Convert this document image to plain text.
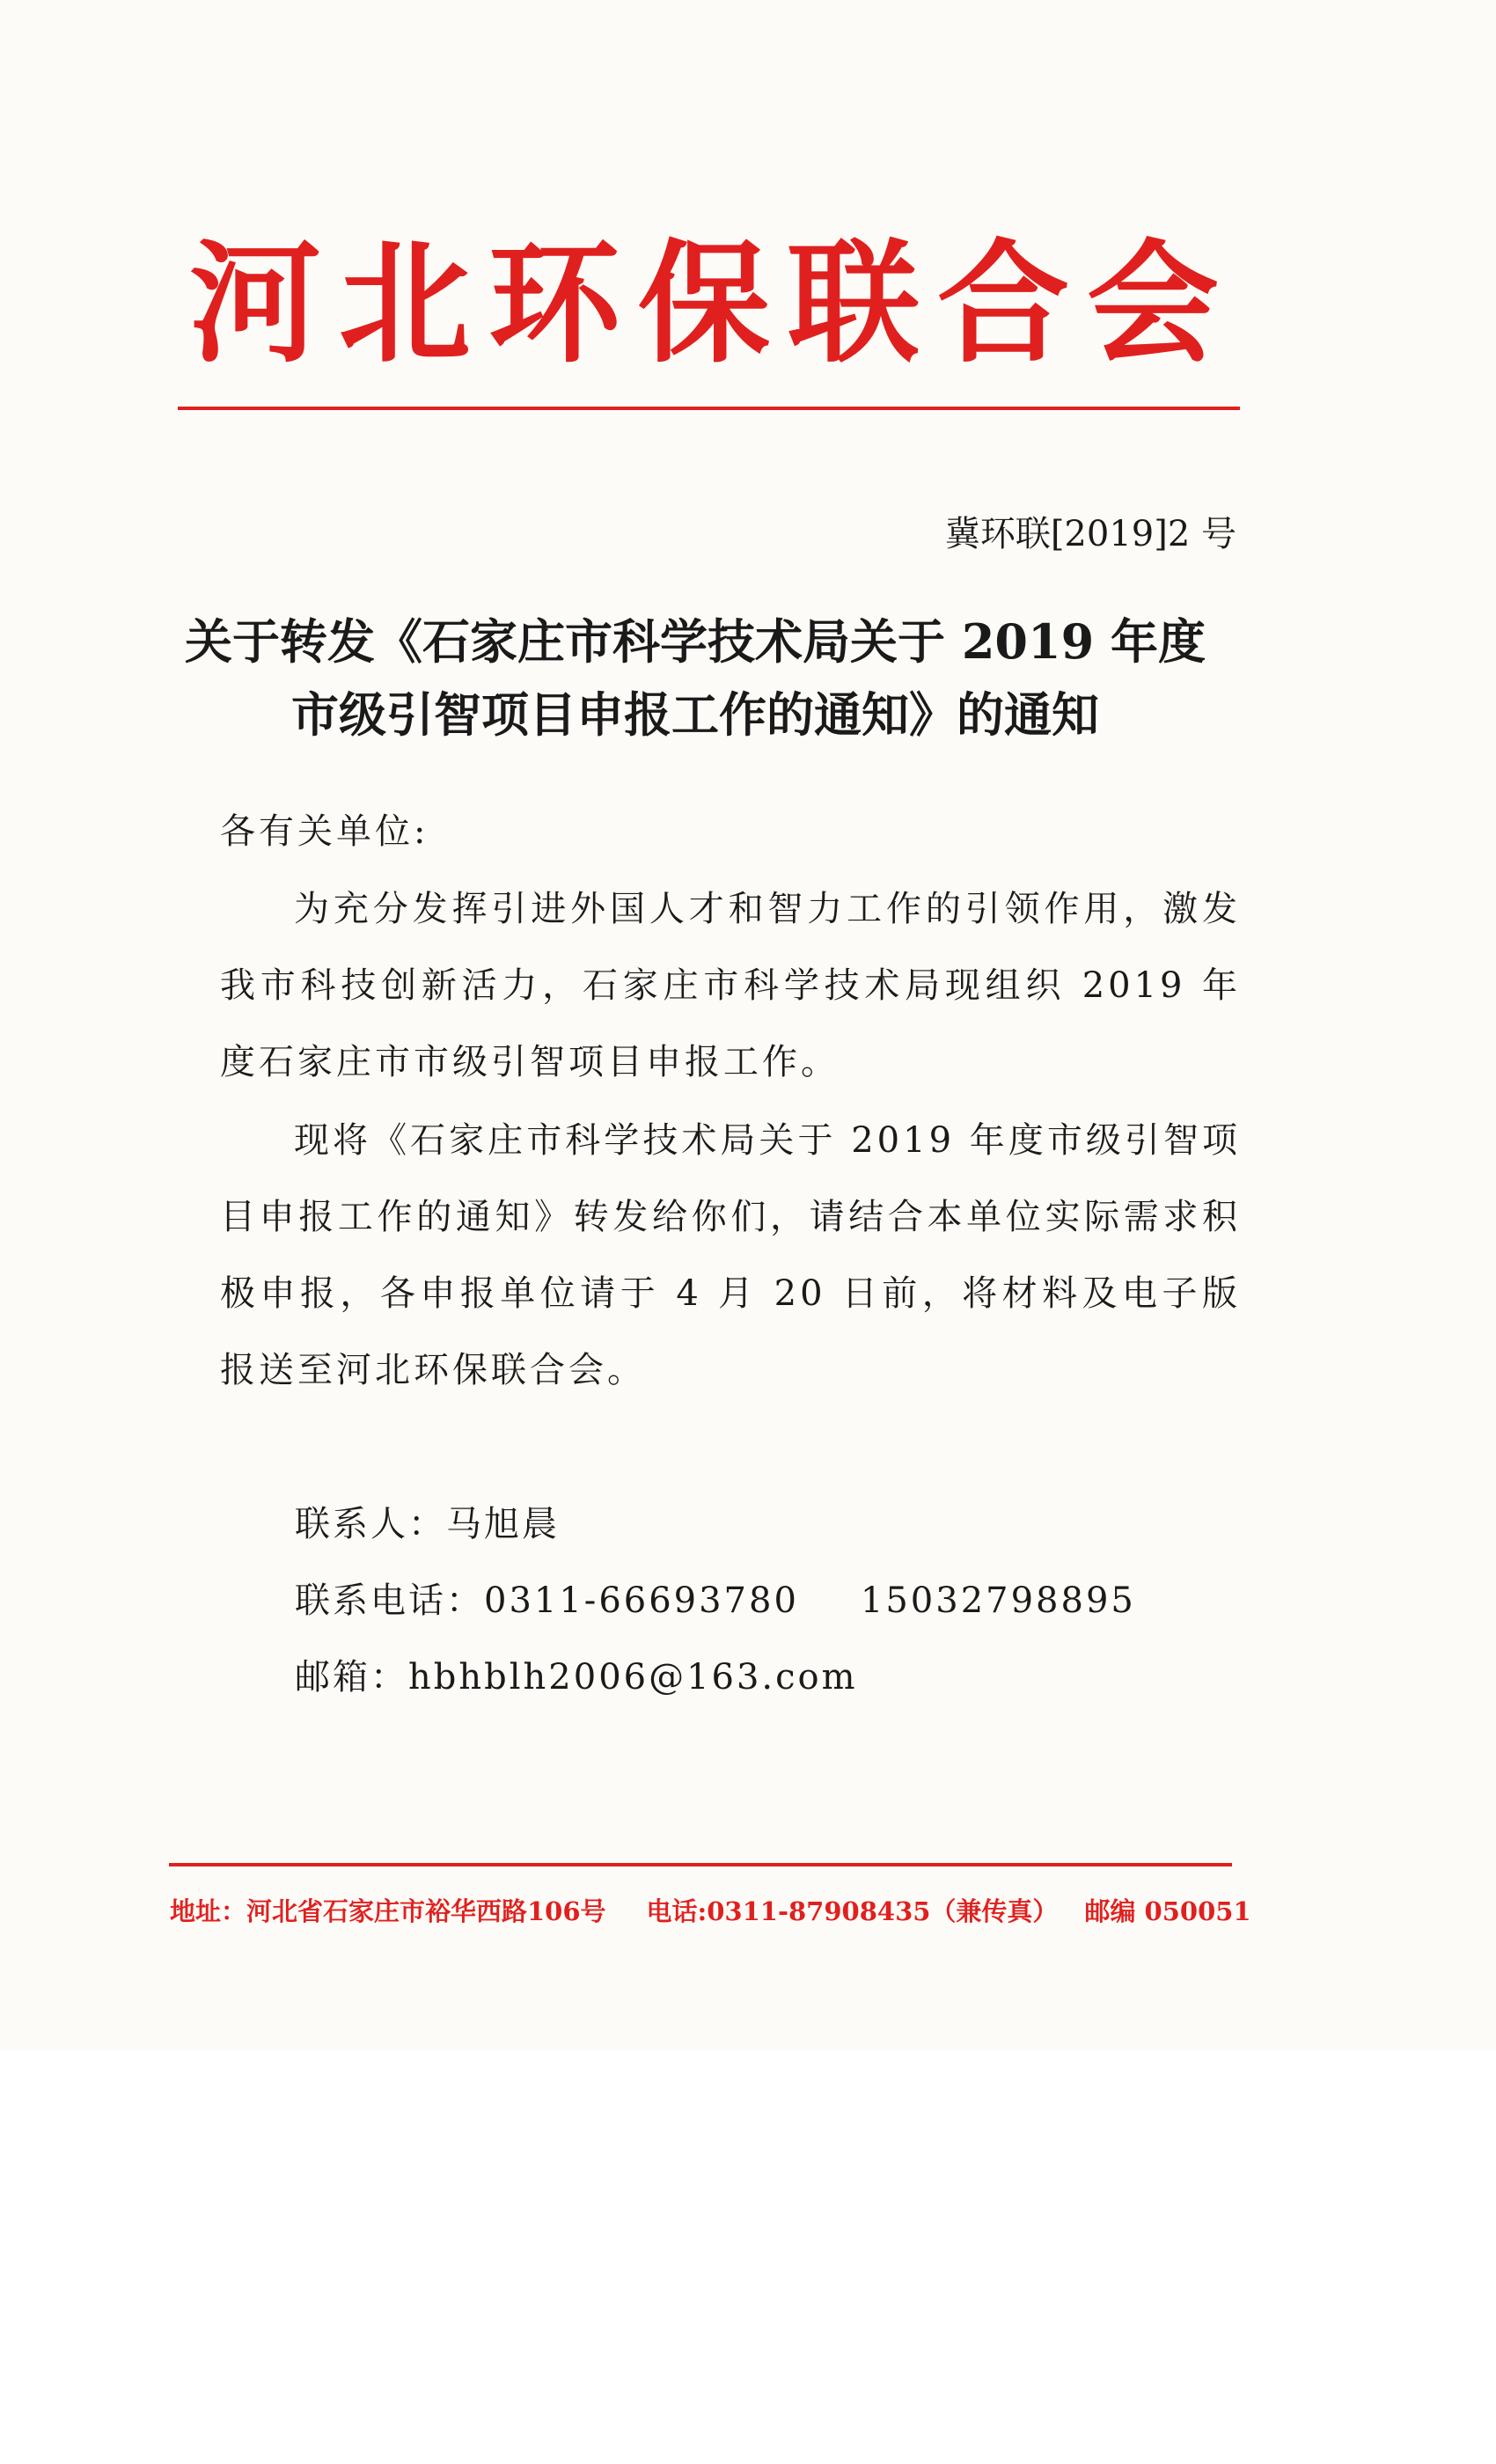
河北环保联合会
冀环联[2019]2 号
关于转发《石家庄市科学技术局关于 2019 年度
市级引智项目申报工作的通知》的通知
各有关单位:
为充分发挥引进外国人才和智力工作的引领作用，激发我市科技创新活力，石家庄市科学技术局现组织 2019 年度石家庄市市级引智项目申报工作。
现将《石家庄市科学技术局关于 2019 年度市级引智项目申报工作的通知》转发给你们，请结合本单位实际需求积极申报，各申报单位请于 4 月 20 日前，将材料及电子版报送至河北环保联合会。
联系人：马旭晨
联系电话：0311-66693780 15032798895
邮箱：hbhblh2006@163.com
地址：河北省石家庄市裕华西路106号 电话:0311-87908435（兼传真） 邮编 050051
